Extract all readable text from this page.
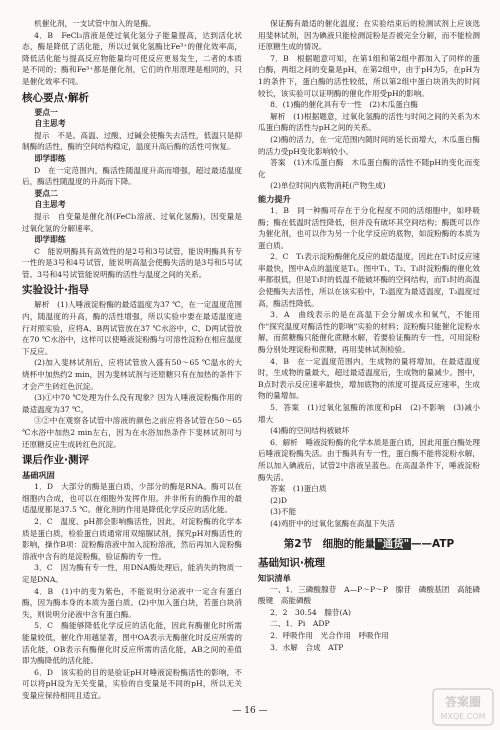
机催化剂，一支试管中加入的是酶。
4．B　FeCl₃溶液是使过氧化氢分子能量提高，达到活化状态，酶是降低了活化能，所以过氧化氢酶比Fe³⁺的催化效率高，降低活化能与提高反应物能量均可使反应更易发生，二者的本质是不同的；酶和Fe³⁺都是催化剂，它们的作用原理是相同的，只是催化效率不同。
核心要点·解析
要点一
自主思考
提示　不是。高温、过酸、过碱会使酶失去活性，低温只是抑制酶的活性，酶的空间结构稳定，温度升高后酶的活性可恢复。
即学即练
D　在一定范围内，酶活性随温度升高而增强，超过最适温度后，酶活性随温度的升高而下降。
要点二
自主思考
提示　自变量是催化剂(FeCl₃溶液、过氧化氢酶)，因变量是过氧化氢的分解速率。
即学即练
C　能说明酶具有高效性的是2号和3号试管，能说明酶具有专一性的是3号和4号试管，能说明高温会使酶失活的是3号和5号试管。3号和4号试管能说明酶的活性与温度之间的关系。
实验设计·指导
解析　(1)人唾液淀粉酶的最适温度为37 ℃，在一定温度范围内，随温度的升高，酶的活性增强，所以实验中要在最适温度进行对照实验，应将A、B两试管放在37 ℃水浴中，C、D两试管放在70 ℃水浴中，这样可以使唾液淀粉酶与可溶性淀粉在相应温度下反应。
(2)加入斐林试剂后，应将试管放入盛有50～65 ℃温水的大烧杯中加热约2 min，因为斐林试剂与还原糖只有在加热的条件下才会产生砖红色沉淀。
(3)①中70 ℃处理为什么没有现象？因为人唾液淀粉酶作用的最适温度为37 ℃。
③②中在观察各试管中溶液的颜色之前应将各试管在50～65 ℃水浴中加热2 min左右，因为在水浴加热条件下斐林试剂可与还原糖反应生成砖红色沉淀。
课后作业·测评
基础巩固
1．D　大部分的酶是蛋白质，少部分的酶是RNA。酶可以在细胞内合成，也可以在细胞外发挥作用。并非所有的酶作用的最适温度都是37.5 ℃。催化剂的作用是降低化学反应的活化能。
2．C　温度、pH都会影响酶活性，因此，对淀粉酶的化学本质是蛋白质，检验蛋白质通常用双缩脲试剂，探究pH对酶活性的影响，操作B项：淀粉酶溶液中加入淀粉溶液，然后再加入淀粉酶溶液中含有的是淀粉酶，验证酶的专一性。
3．C　因为酶有专一性，用DNA酶处理后，能消失的物质一定是DNA。
4．B　(1)中的变为紫色，不能说明分泌液中一定含有蛋白酶，因为酶本身的本质为蛋白质。(2)中加入蛋白块，若蛋白块消失，则说明分泌液中含有蛋白酶。
5．C　酶能够降低化学反应的活化能，因此有酶催化时所需能量较低，催化作用越显著，图中OA表示无酶催化时反应所需的活化能，OB表示有酶催化时反应所需的活化能，AB之间的差值即为酶降低的活化能。
6．D　该实验的目的是验证pH对唾液淀粉酶活性的影响，不可以将pH设为无关变量，实验的自变量是不同的pH，所以无关变量应保持相同且适宜。
保证酶有最适的催化温度；在实验结束后的检测试剂上应该选用斐林试剂，因为碘液只能检测淀粉是否被完全分解，而不能检测还原糖生成的情况。
7．B　根据题意可知，在第1组和第2组中都加入了同样的蛋白酶，两组之间的变量是pH，在第2组中，由于pH为5，在pH为1的条件下，蛋白酶的活性较低，所以第2组中蛋白块消失的时间较长，该实验可以证明酶的催化作用受pH的影响。
8．(1)酶的催化具有专一性　(2)木瓜蛋白酶
解析　(1)根据题意，过氧化氢酶的活性与时间之间的关系为木瓜蛋白酶的活性与pH之间的关系。
(2)酶的活力，在一定范围内随时间的延长而增大，木瓜蛋白酶的活力受pH变化影响较小。
答案　(1)木瓜蛋白酶　木瓜蛋白酶的活性不随pH的变化而变化
(2)单位时间内底物消耗(产物生成)
能力提升
1．B　同一种酶可存在于分化程度不同的活细胞中，如呼吸酶；酶在低温时活性降低，但并没有破坏其空间结构；酶既可以作为催化剂，也可以作为另一个化学反应的底物，如淀粉酶的本质为蛋白质。
2．C　T₁表示淀粉酶催化反应的最适温度，因此在T₁时反应速率最快，图中A点的温度是T₁。图中T₁、T₂、T₃时淀粉酶的催化效率都很低，但是T₃时的低温不能破坏酶的空间结构，而T₁时的高温会使酶失去活性，所以在该实验中，T₂温度为最适温度，T₃温度过高，酶活性降低。
3．A　曲线表示的是在高温下会分解成水和氧气，不能用作"探究温度对酶活性的影响"实验的材料；淀粉酶只能催化淀粉水解，而蔗糖酶只能催化蔗糖水解，若要验证酶的专一性，可用淀粉酶分别处理淀粉和蔗糖，再用斐林试剂检验。
4．B　在一定温度范围内，生成物的量将增加，在最适温度时，生成物的量最大，超过最适温度后，生成物的量减少。图中，B点时表示反应速率最快，增加底物的浓度可提高反应速率，生成物的量增加。
5．答案　(1)过氧化氢酶的浓度和pH　(2)不影响　(3)减小　增大
(4)酶的空间结构被破坏
6．解析　唾液淀粉酶的化学本质是蛋白质，因此用蛋白酶处理后唾液淀粉酶失活。由于酶具有专一性，蛋白酶不能将淀粉水解，所以加入碘液后，试管2中溶液呈蓝色。在高温条件下，唾液淀粉酶失活。
答案　(1)蛋白质
(2)D
(3)不能
(4)鸡肝中的过氧化氢酶在高温下失活
第2节　细胞的能量 "通货" ——ATP
基础知识·梳理
知识清单
一、1．三磷酸腺苷　A—P～P～P　腺苷　磷酸基团　高能磷酸键　高能磷酸
2．2　30.54　腺苷(A)
二、1．Pi　ADP
2．呼吸作用　光合作用　呼吸作用
3．水解　合成　ATP
— 16 —
答案圈
MXQE.COM
